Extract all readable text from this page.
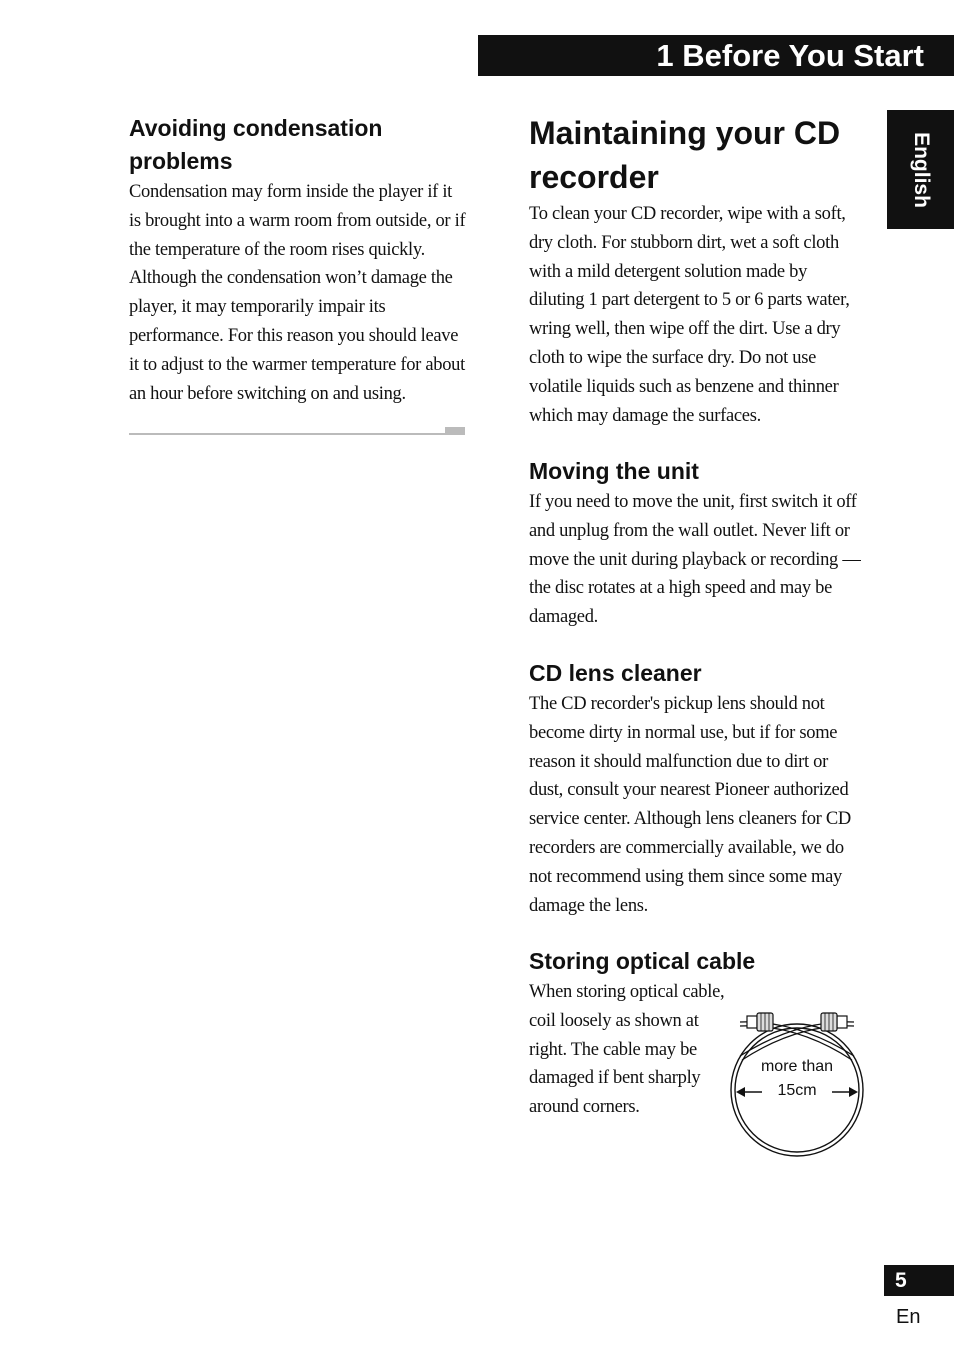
1 Before You Start
English
Avoiding condensation problems

Condensation may form inside the player if it is brought into a warm room from outside, or if the temperature of the room rises quickly. Although the condensation won’t damage the player, it may temporarily impair its performance. For this reason you should leave it to adjust to the warmer temperature for about an hour before switching on and using.

Maintaining your CD recorder

To clean your CD recorder, wipe with a soft, dry cloth. For stubborn dirt, wet a soft cloth with a mild detergent solution made by diluting 1 part detergent to 5 or 6 parts water, wring well, then wipe off the dirt. Use a dry cloth to wipe the surface dry. Do not use volatile liquids such as benzene and thinner which may damage the surfaces.

Moving the unit

If you need to move the unit, first switch it off and unplug from the wall outlet. Never lift or move the unit during playback or recording — the disc rotates at a high speed and may be damaged.

CD lens cleaner

The CD recorder's pickup lens should not become dirty in normal use, but if for some reason it should malfunction due to dirt or dust, consult your nearest Pioneer authorized service center. Although lens cleaners for CD recorders are commercially available, we do not recommend using them since some may damage the lens.

Storing optical cable

When storing optical cable, coil loosely as shown at right. The cable may be damaged if bent sharply around corners.

more than
15cm
5
En
